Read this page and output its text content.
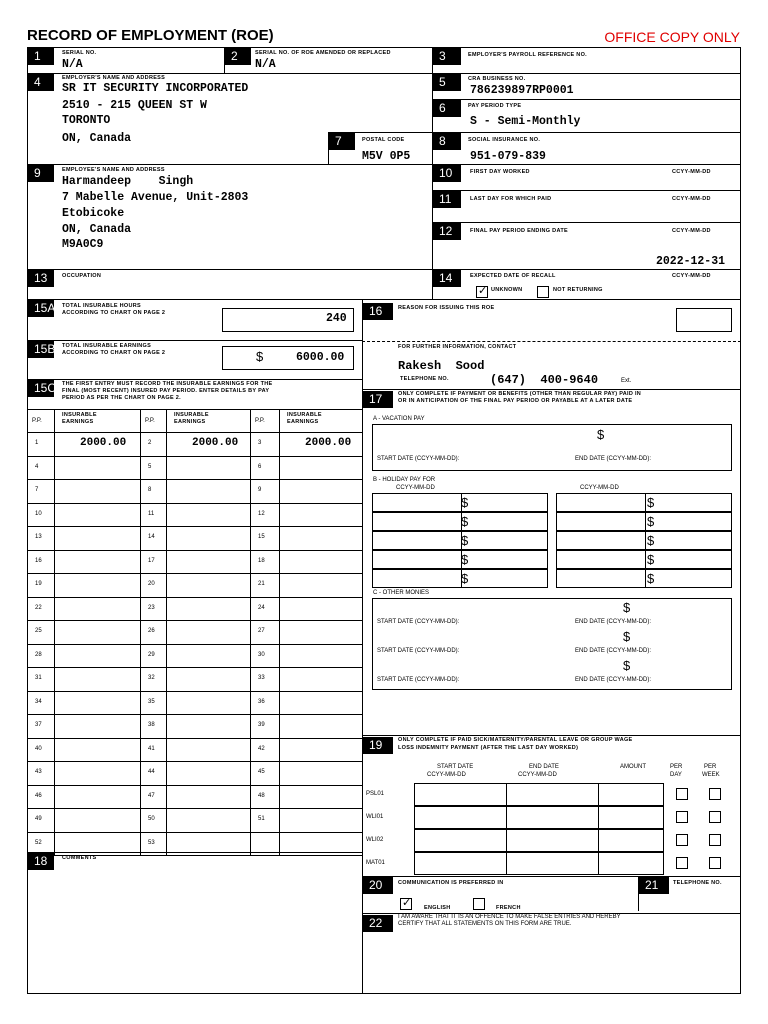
RECORD OF EMPLOYMENT (ROE)	OFFICE COPY ONLY
1	SERIAL NO.
N/A
2	SERIAL NO. OF ROE AMENDED OR REPLACED
N/A
3	EMPLOYER'S PAYROLL REFERENCE NO.
4	EMPLOYER'S NAME AND ADDRESS
SR IT SECURITY INCORPORATED
2510 - 215 QUEEN ST W
TORONTO
ON, Canada	7	POSTAL CODE
M5V 0P5
5	CRA BUSINESS NO.
786239897RP0001
6	PAY PERIOD TYPE
S - Semi-Monthly
8	SOCIAL INSURANCE NO.
951-079-839
9	EMPLOYEE'S NAME AND ADDRESS
Harmandeep    Singh
7 Mabelle Avenue, Unit-2803
Etobicoke
ON, Canada
M9A0C9
10	FIRST DAY WORKED	CCYY-MM-DD
11	LAST DAY FOR WHICH PAID	CCYY-MM-DD
12	FINAL PAY PERIOD ENDING DATE	CCYY-MM-DD
2022-12-31
13	OCCUPATION	14	EXPECTED DATE OF RECALL	CCYY-MM-DD
✓ UNKNOWN	NOT RETURNING
15A TOTAL INSURABLE HOURS
ACCORDING TO CHART ON PAGE 2	240
15B TOTAL INSURABLE EARNINGS
ACCORDING TO CHART ON PAGE 2	$	6000.00
15C THE FIRST ENTRY MUST RECORD THE INSURABLE EARNINGS FOR THE
FINAL (MOST RECENT) INSURED PAY PERIOD. ENTER DETAILS BY PAY
PERIOD AS PER THE CHART ON PAGE 2.
P.P.
INSURABLE
EARNINGS	P.P.
INSURABLE
EARNINGS	P.P.
INSURABLE
EARNINGS
1	2000.00	2	2000.00	3	2000.00
4	5	6
7	8	9
10	11	12
13	14	15
16	17	18
19	20	21
22	23	24
25	26	27
28	29	30
31	32	33
34	35	36
37	38	39
40	41	42
43	44	45
46	47	48
49	50	51
52	53
18	COMMENTS
16	REASON FOR ISSUING THIS ROE
FOR FURTHER INFORMATION, CONTACT
Rakesh  Sood
TELEPHONE NO.	(647)  400-9640	Ext.
17	ONLY COMPLETE IF PAYMENT OR BENEFITS (OTHER THAN REGULAR PAY) PAID IN
OR IN ANTICIPATION OF THE FINAL PAY PERIOD OR PAYABLE AT A LATER DATE
A - VACATION PAY
$
START DATE (CCYY-MM-DD):	END DATE (CCYY-MM-DD):
B - HOLIDAY PAY FOR
CCYY-MM-DD	CCYY-MM-DD
$
$
$
$
$
$
$
$
$
$
C - OTHER MONIES
$
START DATE (CCYY-MM-DD):	END DATE (CCYY-MM-DD):
$
START DATE (CCYY-MM-DD):	END DATE (CCYY-MM-DD):
$
START DATE (CCYY-MM-DD):	END DATE (CCYY-MM-DD):
19	ONLY COMPLETE IF PAID SICK/MATERNITY/PARENTAL LEAVE OR GROUP WAGE
LOSS INDEMNITY PAYMENT (AFTER THE LAST DAY WORKED)
START DATE
CCYY-MM-DD
END DATE
CCYY-MM-DD
AMOUNT	PER
DAY
PER
WEEK
PSL01
WLI01
WLI02
MAT01
20	COMMUNICATION IS PREFERRED IN
✓ ENGLISH	FRENCH
21	TELEPHONE NO.
22	I AM AWARE THAT IT IS AN OFFENCE TO MAKE FALSE ENTRIES AND HEREBY
CERTIFY THAT ALL STATEMENTS ON THIS FORM ARE TRUE.
